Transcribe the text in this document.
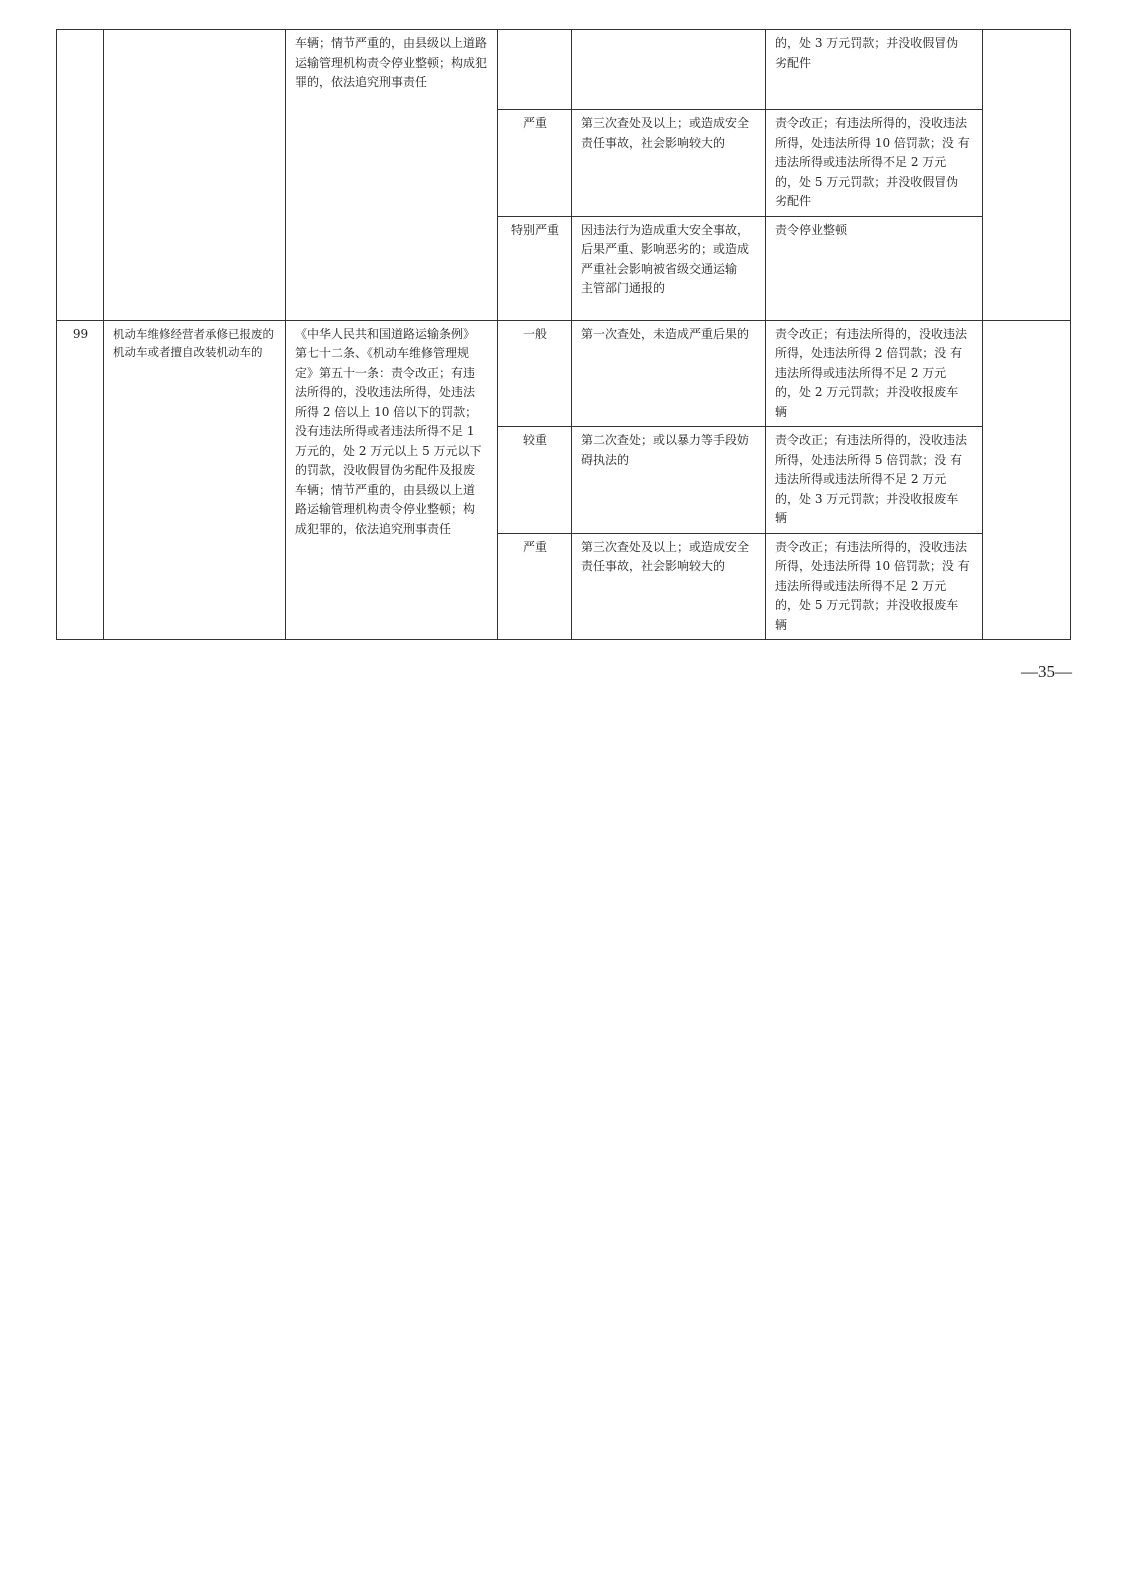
		车辆；情节严重的，由县级以上道路运输管理机构责令停业整顿；构成犯罪的，依法追究刑事责任			的，处 3 万元罚款；并没收假冒伪 劣配件	
			严重	第三次查处及以上；或造成安全责任事故，社会影响较大的	责令改正；有违法所得的，没收违法所得，处违法所得 10 倍罚款；没 有违法所得或违法所得不足 2 万元 的，处 5 万元罚款；并没收假冒伪 劣配件	
			特别严重	因违法行为造成重大安全事故， 后果严重、影响恶劣的；或造成 严重社会影响被省级交通运输
主管部门通报的	责令停业整顿	
99	机动车维修经营者承修已报废的机动车或者擅自改装机动车的	《中华人民共和国道路运输条例》 第七十二条、《机动车维修管理规 定》第五十一条：责令改正；有违 法所得的，没收违法所得，处违法 所得 2 倍以上 10 倍以下的罚款；
没有违法所得或者违法所得不足 1 万元的，处 2 万元以上 5 万元以下 的罚款，没收假冒伪劣配件及报废 车辆；情节严重的，由县级以上道 路运输管理机构责令停业整顿；构 成犯罪的，依法追究刑事责任	一般	第一次查处，未造成严重后果的	责令改正；有违法所得的，没收违法所得，处违法所得 2 倍罚款；没 有违法所得或违法所得不足 2 万元 的，处 2 万元罚款；并没收报废车 辆	
			较重	第二次查处；或以暴力等手段妨碍执法的	责令改正；有违法所得的，没收违法所得，处违法所得 5 倍罚款；没 有违法所得或违法所得不足 2 万元 的，处 3 万元罚款；并没收报废车 辆	
			严重	第三次查处及以上；或造成安全责任事故，社会影响较大的	责令改正；有违法所得的，没收违法所得，处违法所得 10 倍罚款；没 有违法所得或违法所得不足 2 万元 的，处 5 万元罚款；并没收报废车 辆	
—35—
